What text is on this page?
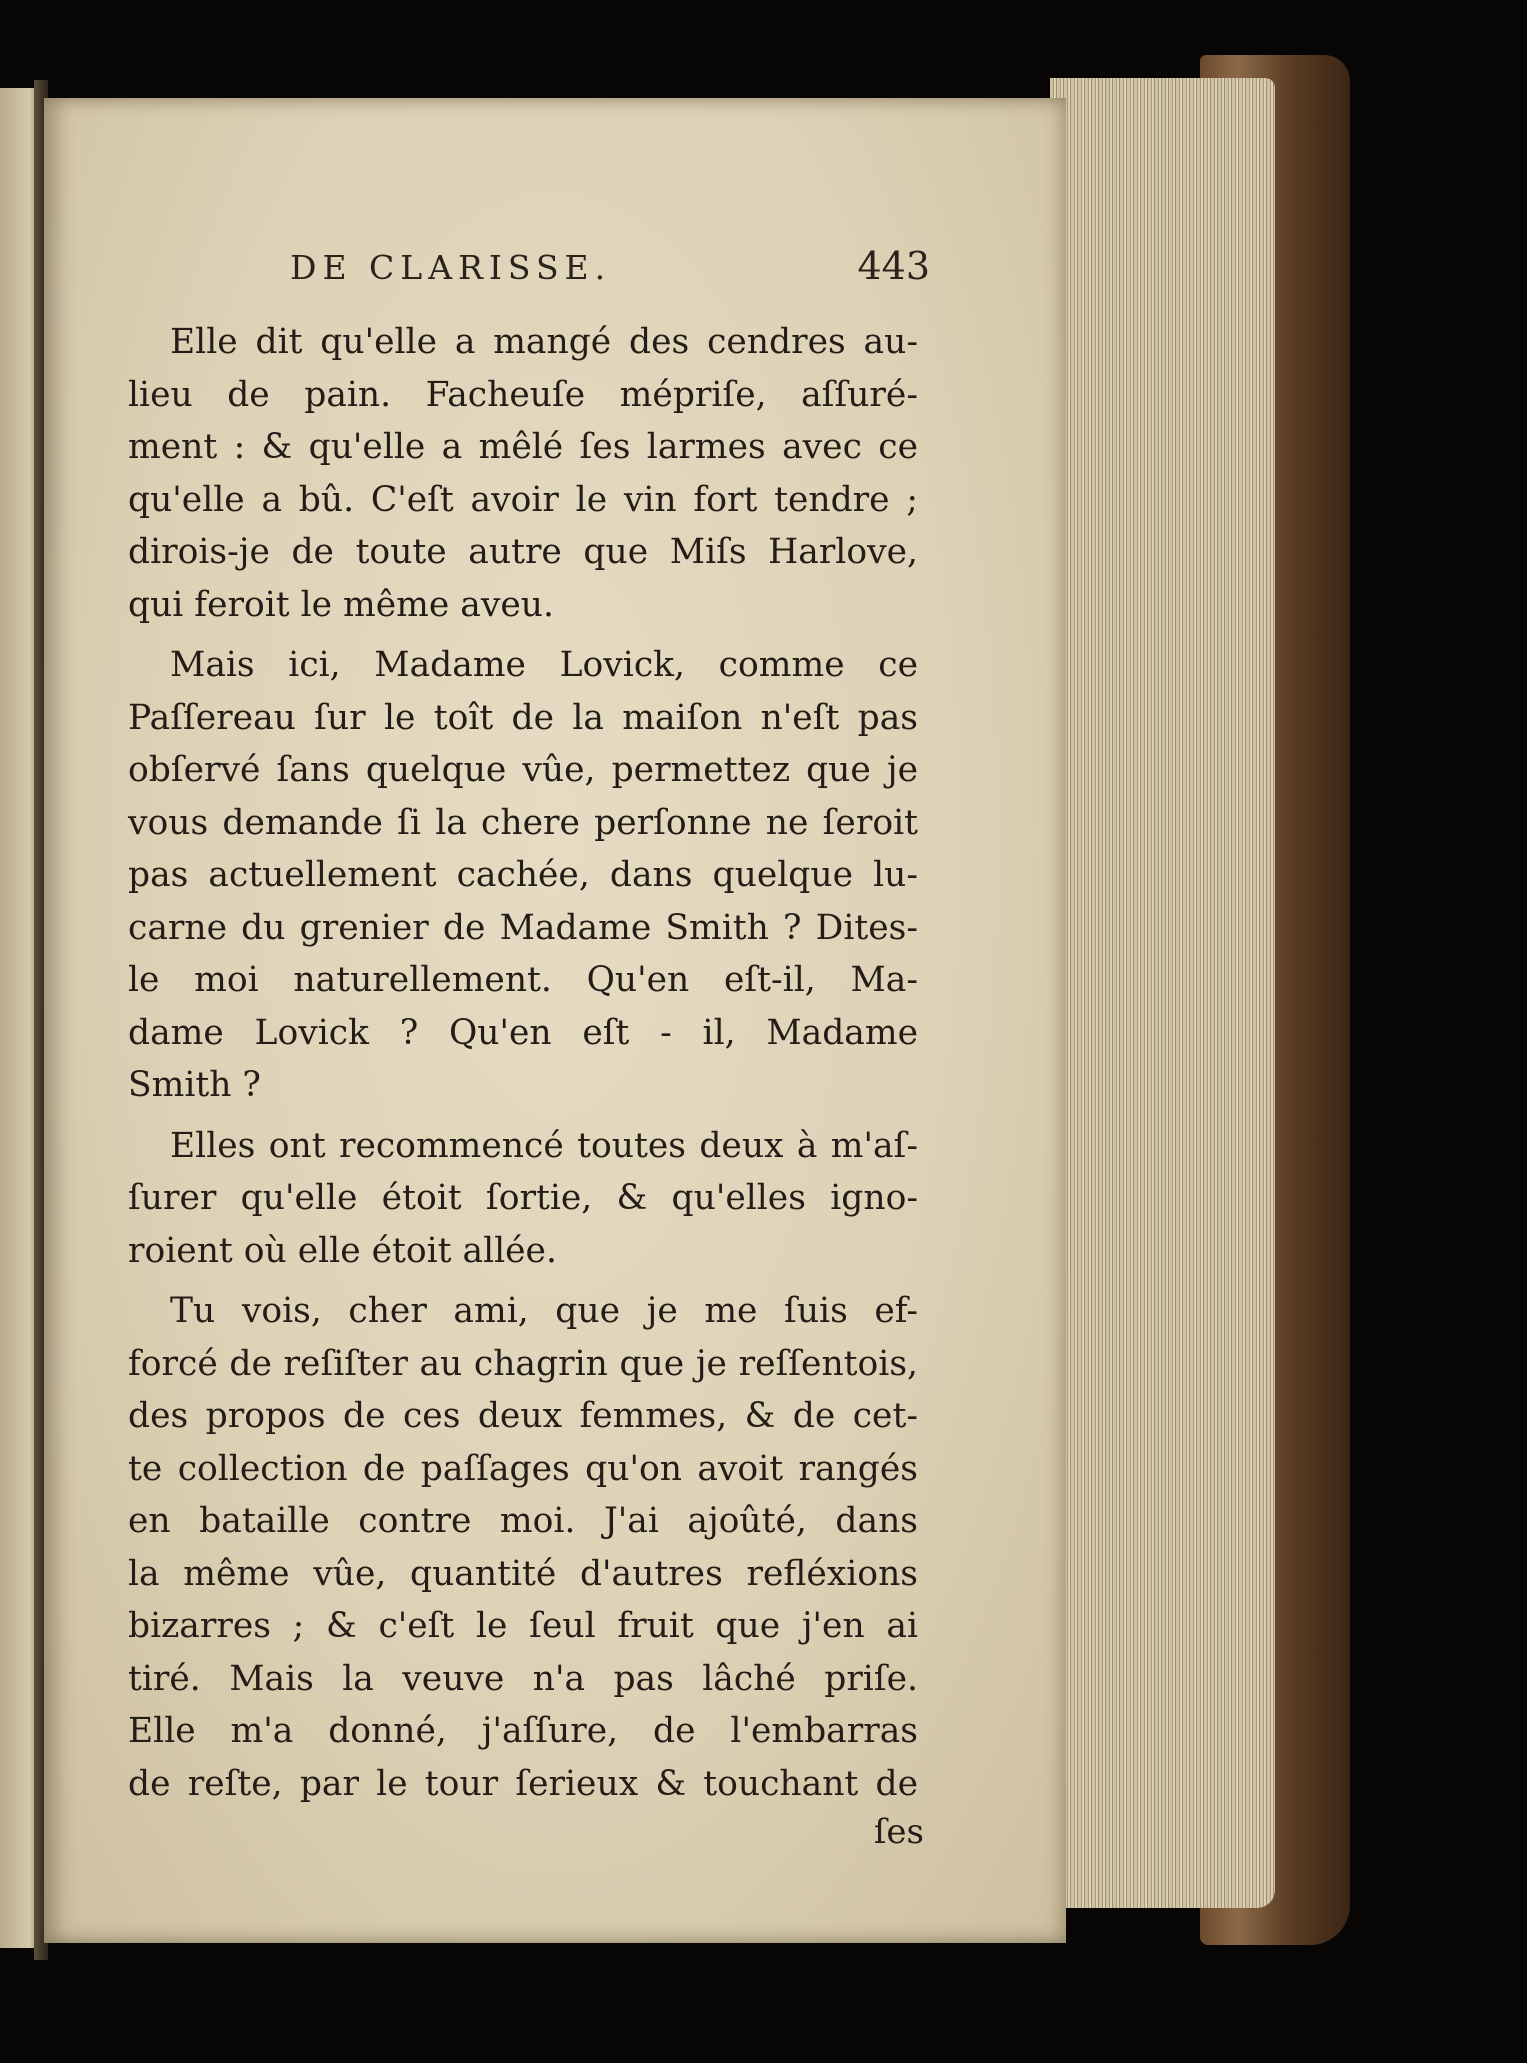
DE CLARISSE.	443
Elle dit qu'elle a mangé des cendres au-
lieu de pain. Facheuſe mépriſe, aſſuré-
ment : & qu'elle a mêlé ſes larmes avec ce
qu'elle a bû. C'eſt avoir le vin fort tendre ;
dirois-je de toute autre que Miſs Harlove,
qui feroit le même aveu.
Mais ici, Madame Lovick, comme ce
Paſſereau ſur le toît de la maiſon n'eſt pas
obſervé ſans quelque vûe, permettez que je
vous demande ſi la chere perſonne ne ſeroit
pas actuellement cachée, dans quelque lu-
carne du grenier de Madame Smith ? Dites-
le moi naturellement. Qu'en eſt-il, Ma-
dame Lovick ? Qu'en eſt - il, Madame
Smith ?
Elles ont recommencé toutes deux à m'aſ-
ſurer qu'elle étoit ſortie, & qu'elles igno-
roient où elle étoit allée.
Tu vois, cher ami, que je me ſuis ef-
forcé de reſiſter au chagrin que je reſſentois,
des propos de ces deux femmes, & de cet-
te collection de paſſages qu'on avoit rangés
en bataille contre moi. J'ai ajoûté, dans
la même vûe, quantité d'autres refléxions
bizarres ; & c'eſt le ſeul fruit que j'en ai
tiré. Mais la veuve n'a pas lâché priſe.
Elle m'a donné, j'aſſure, de l'embarras
de reſte, par le tour ſerieux & touchant de
ſes
